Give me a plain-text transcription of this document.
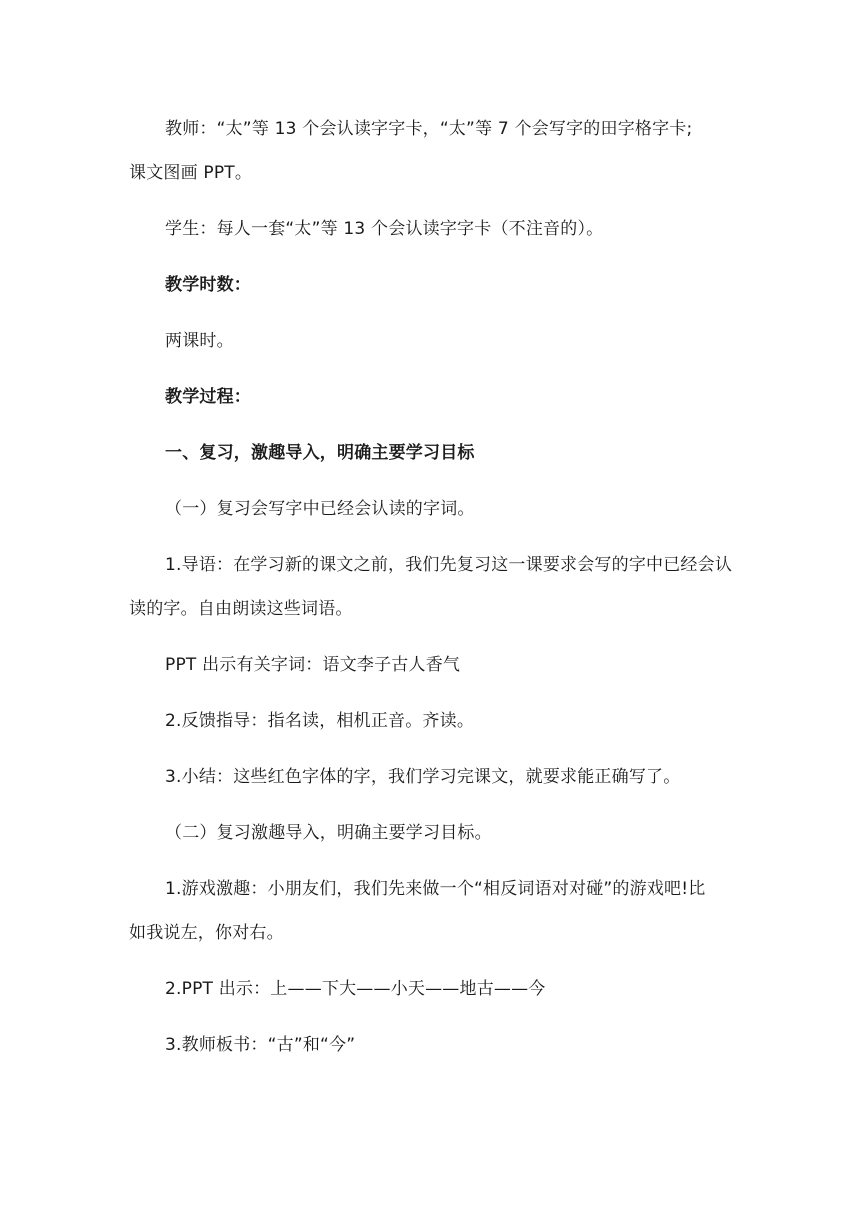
教师：“太”等 13 个会认读字字卡，“太”等 7 个会写字的田字格字卡;
课文图画 PPT。
学生：每人一套“太”等 13 个会认读字字卡（不注音的）。
教学时数：
两课时。
教学过程：
一、复习，激趣导入，明确主要学习目标
（一）复习会写字中已经会认读的字词。
1.导语：在学习新的课文之前，我们先复习这一课要求会写的字中已经会认
读的字。自由朗读这些词语。
PPT 出示有关字词：语文李子古人香气
2.反馈指导：指名读，相机正音。齐读。
3.小结：这些红色字体的字，我们学习完课文，就要求能正确写了。
（二）复习激趣导入，明确主要学习目标。
1.游戏激趣：小朋友们，我们先来做一个“相反词语对对碰”的游戏吧!比
如我说左，你对右。
2.PPT 出示：上——下大——小天——地古——今
3.教师板书：“古”和“今”
